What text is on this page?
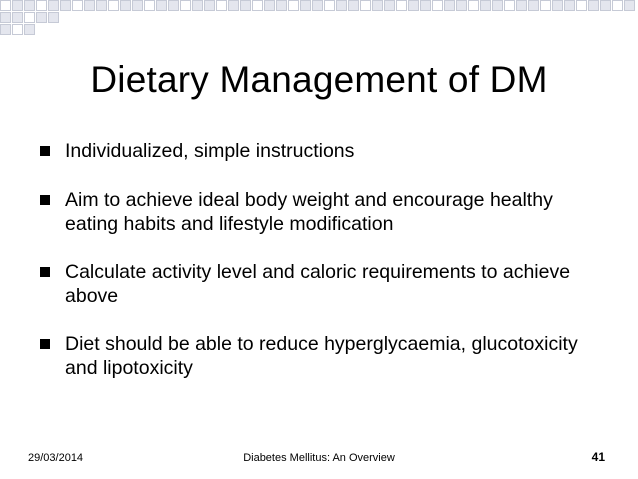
Dietary Management of DM
Individualized, simple instructions
Aim to achieve ideal body weight and encourage healthy eating habits and lifestyle modification
Calculate activity level and caloric requirements to achieve above
Diet should be able to reduce hyperglycaemia, glucotoxicity and lipotoxicity
29/03/2014	Diabetes Mellitus: An Overview	41
